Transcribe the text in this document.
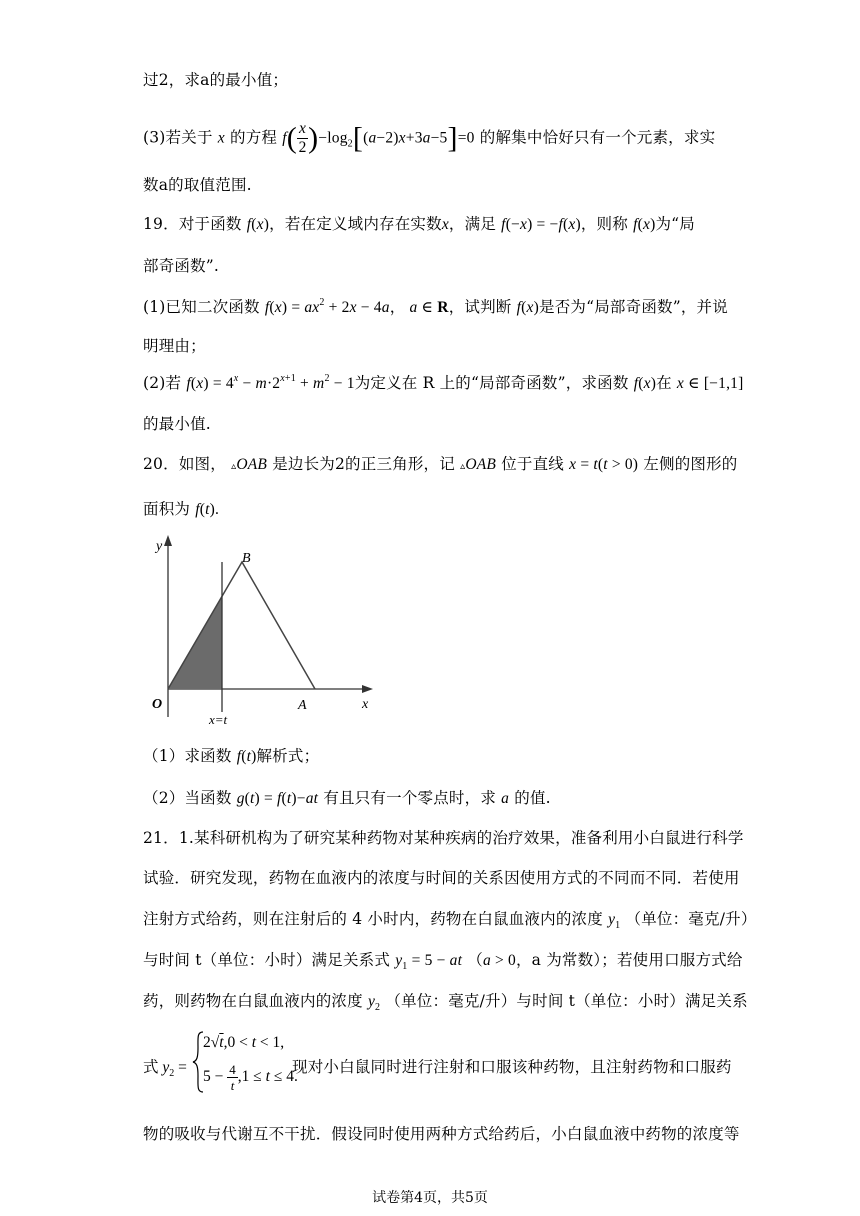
过2，求a的最小值；
(3)若关于 x 的方程 $f( \frac{x}{2} )-\log_2[(a-2)x+3a-5]=0$ 的解集中恰好只有一个元素，求实
数a的取值范围.
19．对于函数 f(x)，若在定义域内存在实数x，满足 f(−x) = −f(x)，则称 f(x)为“局
部奇函数”.
(1)已知二次函数 $f(x) = ax^2 + 2x - 4a$， a ∈ R，试判断 f(x)是否为“局部奇函数”，并说
明理由；
(2)若 $f(x) = 4^x - m\cdot 2^{x+1} + m^2 - 1$为定义在 R 上的“局部奇函数”，求函数 f(x)在 x ∈ [−1,1]
的最小值.
20．如图， ▵OAB 是边长为2的正三角形，记 ▵OAB 位于直线 x = t(t > 0) 左侧的图形的
面积为 f(t).
y
x
O	A
B
x=t
（1）求函数 f(t)解析式；
（2）当函数 g(t) = f(t)−at 有且只有一个零点时，求 a 的值.
21．1.某科研机构为了研究某种药物对某种疾病的治疗效果，准备利用小白鼠进行科学
试验．研究发现，药物在血液内的浓度与时间的关系因使用方式的不同而不同．若使用
注射方式给药，则在注射后的 4 小时内，药物在白鼠血液内的浓度 $y_1$ （单位：毫克/升）
与时间 t（单位：小时）满足关系式 $y_1 = 5$ − at （a > 0，a 为常数）；若使用口服方式给
药，则药物在白鼠血液内的浓度 $y_2$ （单位：毫克/升）与时间 t（单位：小时）满足关系
式 $y_2$ =
2√t,0 < t < 1,
$5 - \frac{4}{t} ,1 \le t \le 4$.
现对小白鼠同时进行注射和口服该种药物，且注射药物和口服药
物的吸收与代谢互不干扰．假设同时使用两种方式给药后，小白鼠血液中药物的浓度等
试卷第4页，共5页
